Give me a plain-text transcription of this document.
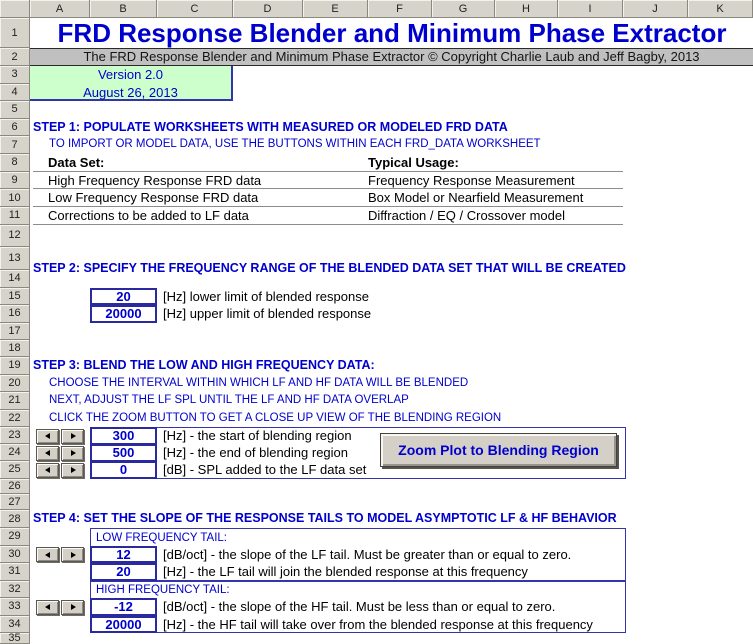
A	B	C	D	E	F	G	H	I	J	K
1
2
3
4
5
6
7
8
9
10
11
12
13
14
15
16
17
18
19
20
21
22
23
24
25
26
27
28
29
30
31
32
33
34
35
FRD Response Blender and Minimum Phase Extractor
The FRD Response Blender and Minimum Phase Extractor © Copyright Charlie Laub and Jeff Bagby, 2013
Version 2.0
August 26, 2013
STEP 1: POPULATE WORKSHEETS WITH MEASURED OR MODELED FRD DATA
TO IMPORT OR MODEL DATA, USE THE BUTTONS WITHIN EACH FRD_DATA WORKSHEET
Data Set:	Typical Usage:
High Frequency Response FRD data	Frequency Response Measurement
Low Frequency Response FRD data	Box Model or Nearfield Measurement
Corrections to be added to LF data	Diffraction / EQ / Crossover model
STEP 2: SPECIFY THE FREQUENCY RANGE OF THE BLENDED DATA SET THAT WILL BE CREATED
20	[Hz] lower limit of blended response
20000	[Hz] upper limit of blended response
STEP 3: BLEND THE LOW AND HIGH FREQUENCY DATA:
CHOOSE THE INTERVAL WITHIN WHICH LF AND HF DATA WILL BE BLENDED
NEXT, ADJUST THE LF SPL UNTIL THE LF AND HF DATA OVERLAP
CLICK THE ZOOM BUTTON TO GET A CLOSE UP VIEW OF THE BLENDING REGION
300	[Hz] - the start of blending region
500	[Hz] - the end of blending region
0	[dB] - SPL added to the LF data set
Zoom Plot to Blending Region
STEP 4: SET THE SLOPE OF THE RESPONSE TAILS TO MODEL ASYMPTOTIC LF & HF BEHAVIOR
LOW FREQUENCY TAIL:
12	[dB/oct] - the slope of the LF tail. Must be greater than or equal to zero.
20	[Hz] - the LF tail will join the blended response at this frequency
HIGH FREQUENCY TAIL:
-12	[dB/oct] - the slope of the HF tail. Must be less than or equal to zero.
20000	[Hz] - the HF tail will take over from the blended response at this frequency
